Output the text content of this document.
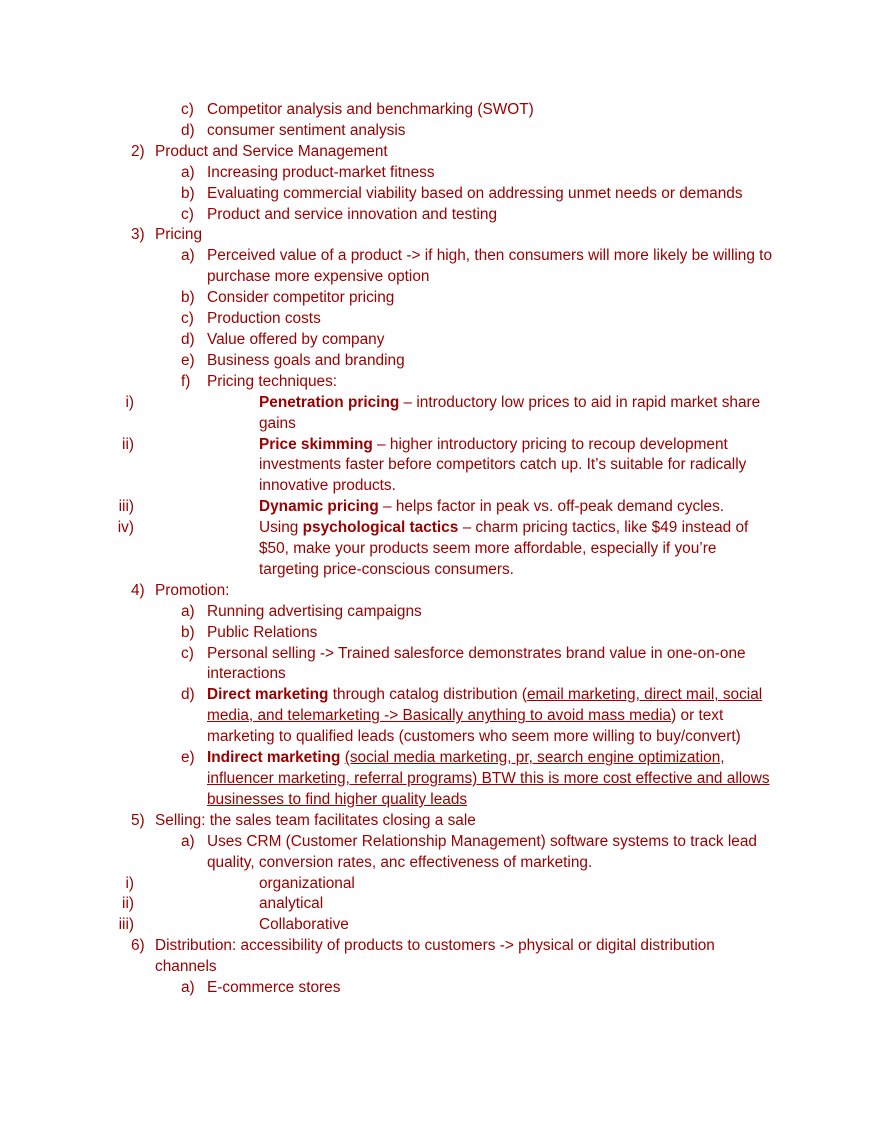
c) Competitor analysis and benchmarking (SWOT)
d) consumer sentiment analysis
2) Product and Service Management
a) Increasing product-market fitness
b) Evaluating commercial viability based on addressing unmet needs or demands
c) Product and service innovation and testing
3) Pricing
a) Perceived value of a product -> if high, then consumers will more likely be willing to purchase more expensive option
b) Consider competitor pricing
c) Production costs
d) Value offered by company
e) Business goals and branding
f) Pricing techniques:
i)	Penetration pricing – introductory low prices to aid in rapid market share gains
ii)	Price skimming – higher introductory pricing to recoup development investments faster before competitors catch up. It’s suitable for radically innovative products.
iii)	Dynamic pricing – helps factor in peak vs. off-peak demand cycles.
iv)	Using psychological tactics – charm pricing tactics, like $49 instead of $50, make your products seem more affordable, especially if you’re targeting price-conscious consumers.
4) Promotion:
a) Running advertising campaigns
b) Public Relations
c) Personal selling -> Trained salesforce demonstrates brand value in one-on-one interactions
d) Direct marketing through catalog distribution (email marketing, direct mail, social media, and telemarketing -> Basically anything to avoid mass media) or text marketing to qualified leads (customers who seem more willing to buy/convert)
e) Indirect marketing (social media marketing, pr, search engine optimization, influencer marketing, referral programs) BTW this is more cost effective and allows businesses to find higher quality leads
5) Selling: the sales team facilitates closing a sale
a) Uses CRM (Customer Relationship Management) software systems to track lead quality, conversion rates, anc effectiveness of marketing.
i)	organizational
ii)	analytical
iii)	Collaborative
6) Distribution: accessibility of products to customers -> physical or digital distribution channels
a) E-commerce stores
